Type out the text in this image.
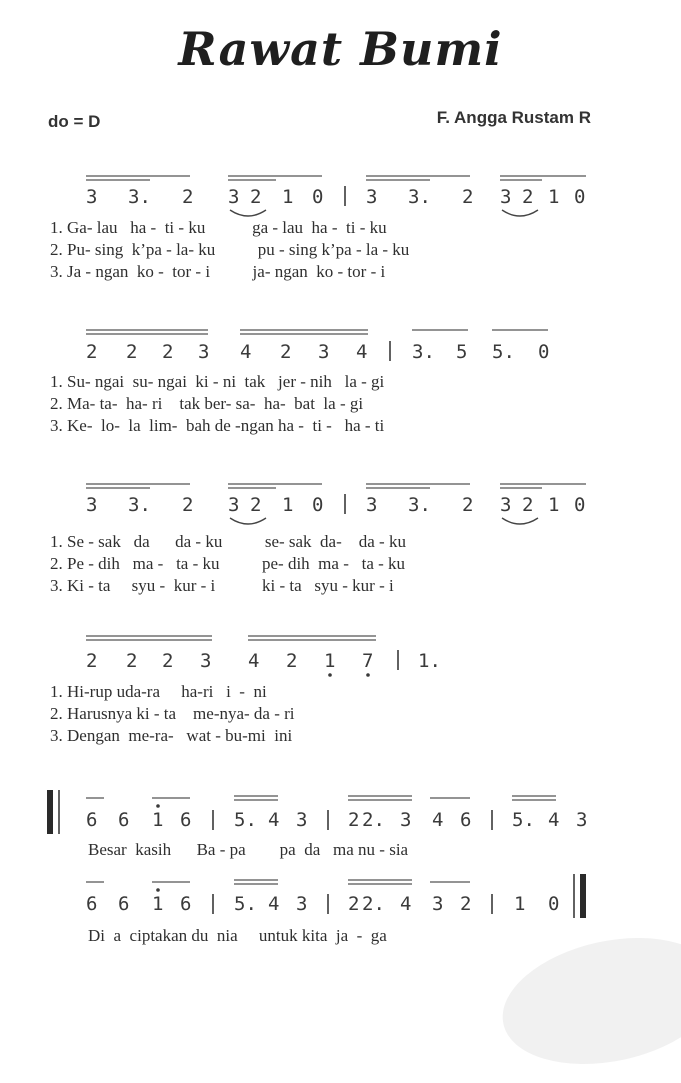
Rawat Bumi
do = D	F. Angga Rustam R
3 3. 2 3 2 1 0 3 3. 2 3 2 1 0
2 2 2 3 4 2 3 4 3. 5 5. 0
3 3. 2 3 2 1 0 3 3. 2 3 2 1 0
2 2 2 3 4 2 1 7 1.
6 6 1 6 5. 4 3 2 2. 3 4 6 5. 4 3
6 6 1 6 5. 4 3 2 2. 4 3 2 1 0
1. Ga- lau   ha -  ti - ku           ga - lau  ha -  ti - ku
2. Pu- sing  k’pa - la- ku          pu - sing k’pa - la - ku
3. Ja - ngan  ko -  tor - i          ja- ngan  ko - tor - i
1. Su- ngai  su- ngai  ki - ni  tak   jer - nih   la - gi
2. Ma- ta-  ha- ri    tak ber- sa-  ha-  bat  la - gi
3. Ke-  lo-  la  lim-  bah de -ngan ha -  ti -   ha - ti
1. Se - sak   da      da - ku          se- sak  da-    da - ku
2. Pe - dih   ma -   ta - ku          pe- dih  ma -   ta - ku
3. Ki - ta     syu -  kur - i           ki - ta   syu - kur - i
1. Hi-rup uda-ra     ha-ri   i  -  ni
2. Harusnya ki - ta    me-nya- da - ri
3. Dengan  me-ra-   wat - bu-mi  ini
Besar  kasih      Ba - pa        pa  da   ma nu - sia
Di  a  ciptakan du  nia     untuk kita  ja  -  ga
